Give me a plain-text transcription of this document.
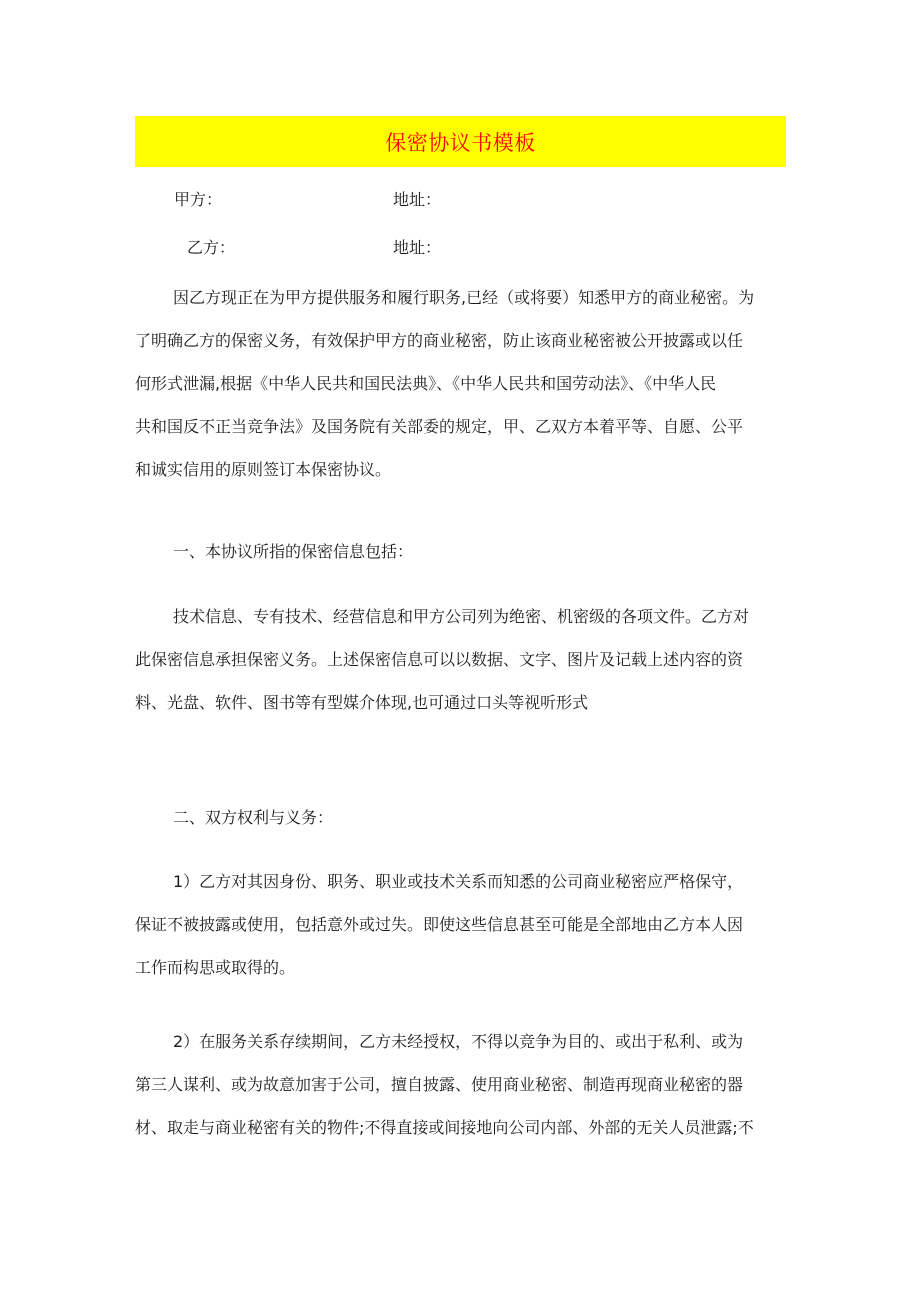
保密协议书模板
甲方：	地址：
乙方：	地址：
因乙方现正在为甲方提供服务和履行职务,已经（或将要）知悉甲方的商业秘密。为
了明确乙方的保密义务，有效保护甲方的商业秘密，防止该商业秘密被公开披露或以任
何形式泄漏,根据《中华人民共和国民法典》、《中华人民共和国劳动法》、《中华人民
共和国反不正当竞争法》及国务院有关部委的规定，甲、乙双方本着平等、自愿、公平
和诚实信用的原则签订本保密协议。
一、本协议所指的保密信息包括：
技术信息、专有技术、经营信息和甲方公司列为绝密、机密级的各项文件。乙方对
此保密信息承担保密义务。上述保密信息可以以数据、文字、图片及记载上述内容的资
料、光盘、软件、图书等有型媒介体现,也可通过口头等视听形式
二、双方权利与义务：
1）乙方对其因身份、职务、职业或技术关系而知悉的公司商业秘密应严格保守，
保证不被披露或使用，包括意外或过失。即使这些信息甚至可能是全部地由乙方本人因
工作而构思或取得的。
2）在服务关系存续期间，乙方未经授权，不得以竞争为目的、或出于私利、或为
第三人谋利、或为故意加害于公司，擅自披露、使用商业秘密、制造再现商业秘密的器
材、取走与商业秘密有关的物件;不得直接或间接地向公司内部、外部的无关人员泄露;不
